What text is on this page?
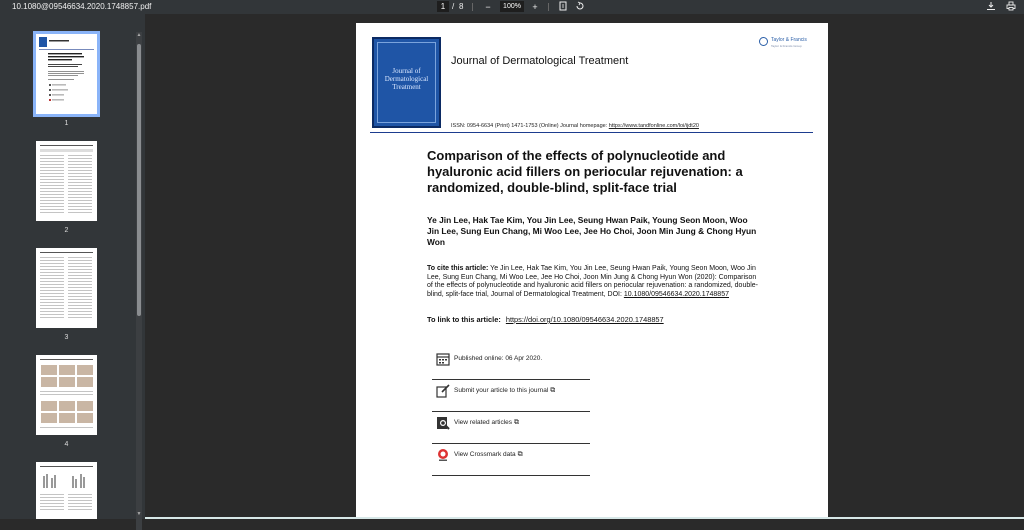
10.1080@09546634.2020.1748857.pdf	1 / 8	−	100%	+
1
2
3
4
▲
▼
Journal of Dermatological Treatment
Journal of Dermatological Treatment
Taylor & Francis
Taylor & Francis Group
ISSN: 0954-6634 (Print) 1471-1753 (Online) Journal homepage: https://www.tandfonline.com/loi/ijdt20
Comparison of the effects of polynucleotide and hyaluronic acid fillers on periocular rejuvenation: a randomized, double-blind, split-face trial
Ye Jin Lee, Hak Tae Kim, You Jin Lee, Seung Hwan Paik, Young Seon Moon, Woo Jin Lee, Sung Eun Chang, Mi Woo Lee, Jee Ho Choi, Joon Min Jung & Chong Hyun Won
To cite this article: Ye Jin Lee, Hak Tae Kim, You Jin Lee, Seung Hwan Paik, Young Seon Moon, Woo Jin Lee, Sung Eun Chang, Mi Woo Lee, Jee Ho Choi, Joon Min Jung & Chong Hyun Won (2020): Comparison of the effects of polynucleotide and hyaluronic acid fillers on periocular rejuvenation: a randomized, double-blind, split-face trial, Journal of Dermatological Treatment, DOI: 10.1080/09546634.2020.1748857
To link to this article: https://doi.org/10.1080/09546634.2020.1748857
Published online: 06 Apr 2020.
Submit your article to this journal ⧉
View related articles ⧉
View Crossmark data ⧉
